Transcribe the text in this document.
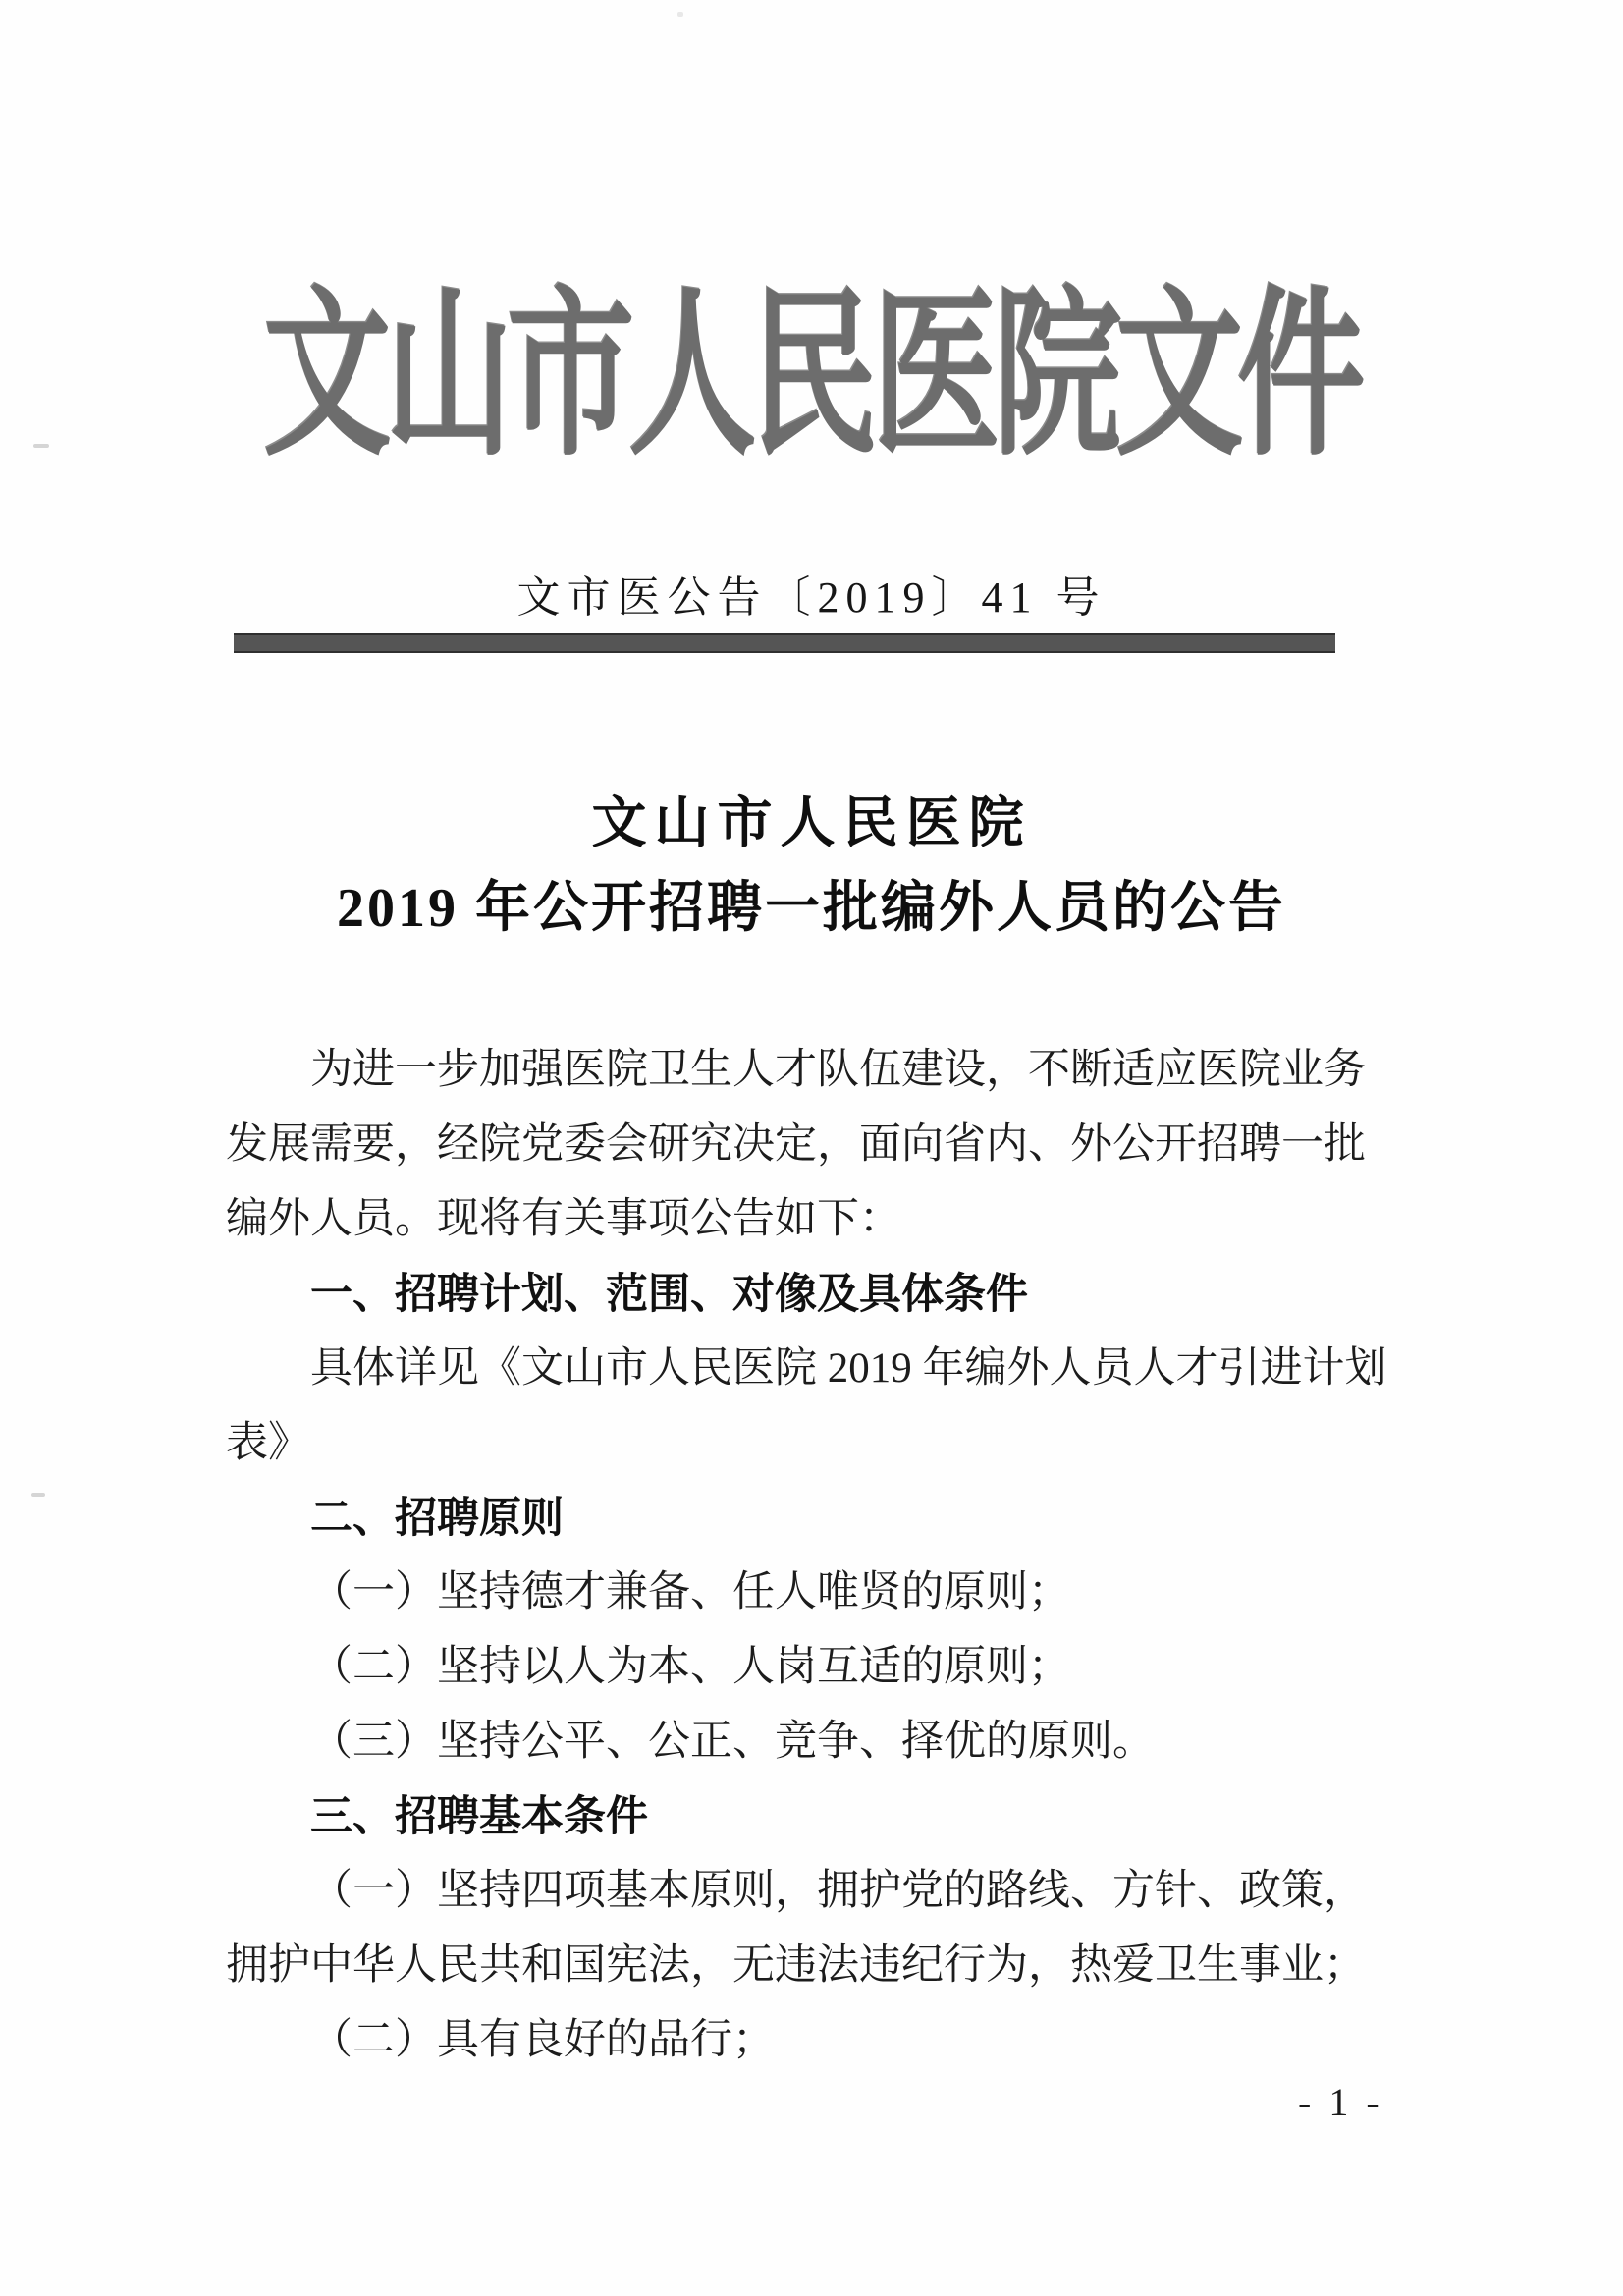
文山市人民医院文件
文市医公告〔2019〕41 号
文山市人民医院
2019 年公开招聘一批编外人员的公告
为进一步加强医院卫生人才队伍建设，不断适应医院业务
发展需要，经院党委会研究决定，面向省内、外公开招聘一批
编外人员。现将有关事项公告如下：
一、招聘计划、范围、对像及具体条件
具体详见《文山市人民医院 2019 年编外人员人才引进计划
表》
二、招聘原则
（一）坚持德才兼备、任人唯贤的原则；
（二）坚持以人为本、人岗互适的原则；
（三）坚持公平、公正、竞争、择优的原则。
三、招聘基本条件
（一）坚持四项基本原则，拥护党的路线、方针、政策，
拥护中华人民共和国宪法，无违法违纪行为，热爱卫生事业；
（二）具有良好的品行；
- 1 -
